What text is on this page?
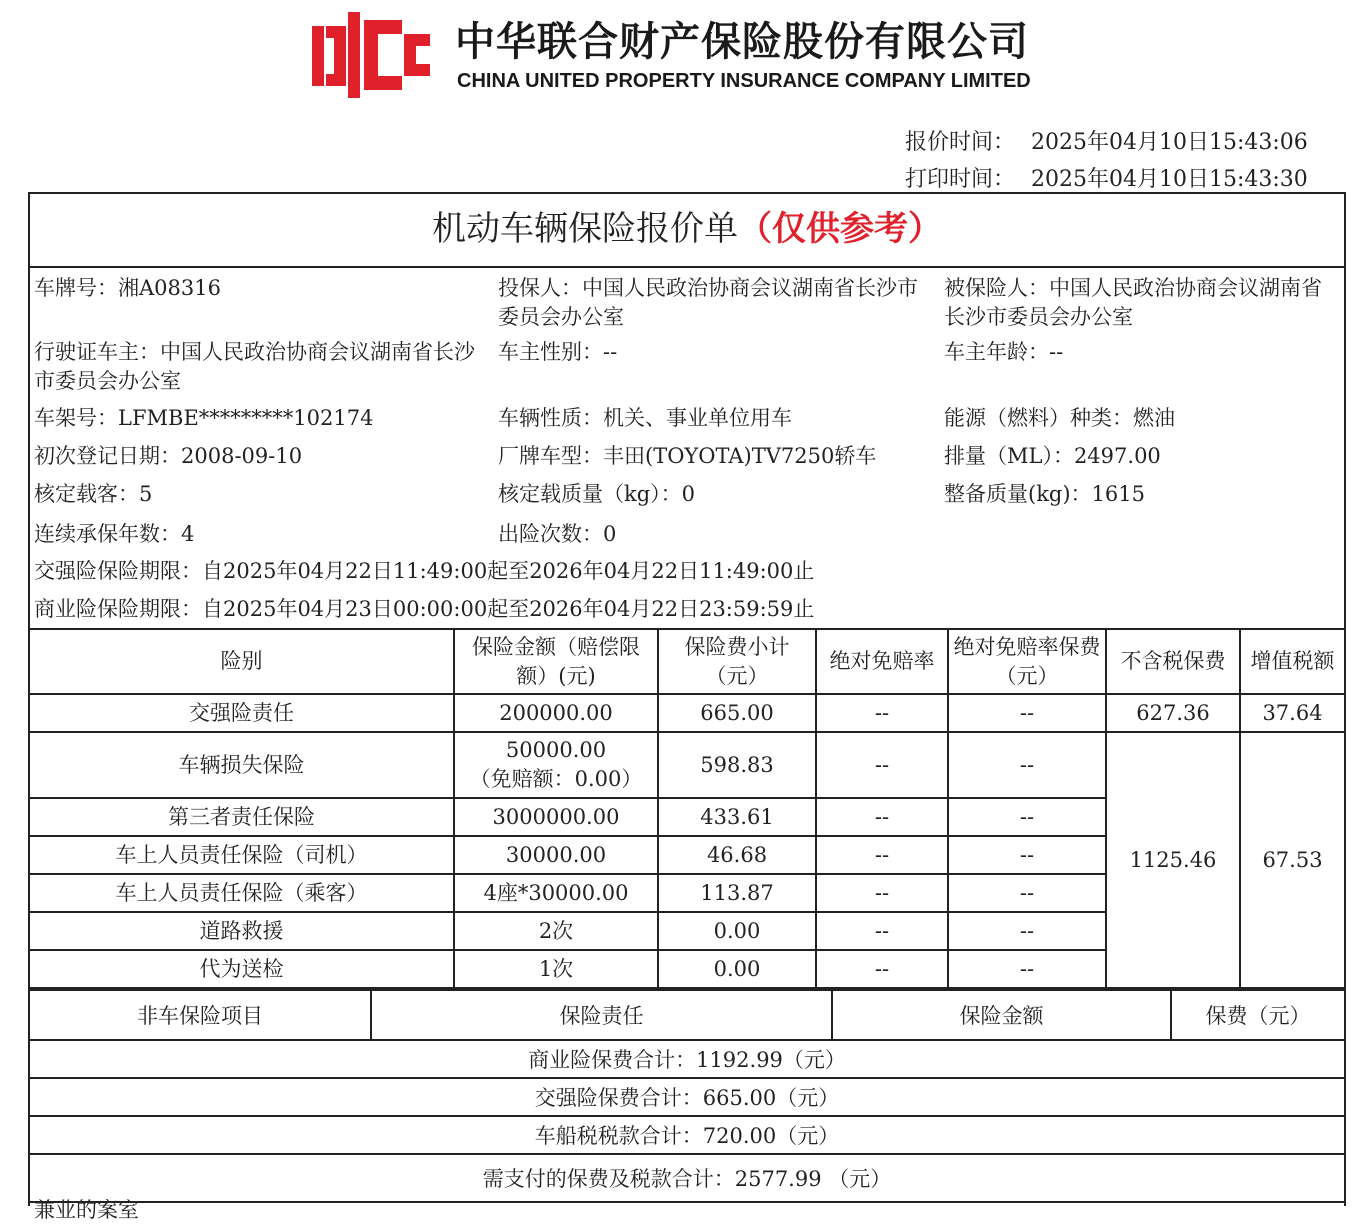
中华联合财产保险股份有限公司
CHINA UNITED PROPERTY INSURANCE COMPANY LIMITED
报价时间： 2025年04月10日15:43:06
打印时间： 2025年04月10日15:43:30
机动车辆保险报价单（仅供参考）
车牌号：湘A08316	投保人：中国人民政治协商会议湖南省长沙市委员会办公室
被保险人：中国人民政治协商会议湖南省长沙市委员会办公室
行驶证车主：中国人民政治协商会议湖南省长沙市委员会办公室
车主性别：--	车主年龄：--
车架号：LFMBE*********102174	车辆性质：机关、事业单位用车	能源（燃料）种类：燃油
初次登记日期：2008-09-10	厂牌车型：丰田(TOYOTA)TV7250轿车	排量（ML）：2497.00
核定载客：5	核定载质量（kg）：0	整备质量(kg)：1615
连续承保年数：4	出险次数：0
交强险保险期限：自2025年04月22日11:49:00起至2026年04月22日11:49:00止
商业险保险期限：自2025年04月23日00:00:00起至2026年04月22日23:59:59止
险别	保险金额（赔偿限额）(元)	保险费小计（元）	绝对免赔率	绝对免赔率保费（元）	不含税保费	增值税额
交强险责任	200000.00	665.00	--	--	627.36	37.64
车辆损失保险	50000.00
（免赔额：0.00）	598.83	--	--	1125.46	67.53
第三者责任保险	3000000.00	433.61	--	--		
车上人员责任保险（司机）	30000.00	46.68	--	--		
车上人员责任保险（乘客）	4座*30000.00	113.87	--	--		
道路救援	2次	0.00	--	--		
代为送检	1次	0.00	--	--		
非车保险项目	保险责任	保险金额	保费（元）
商业险保费合计：1192.99（元）
交强险保费合计：665.00（元）
车船税税款合计：720.00（元）
需支付的保费及税款合计：2577.99 （元）
兼业的案室
